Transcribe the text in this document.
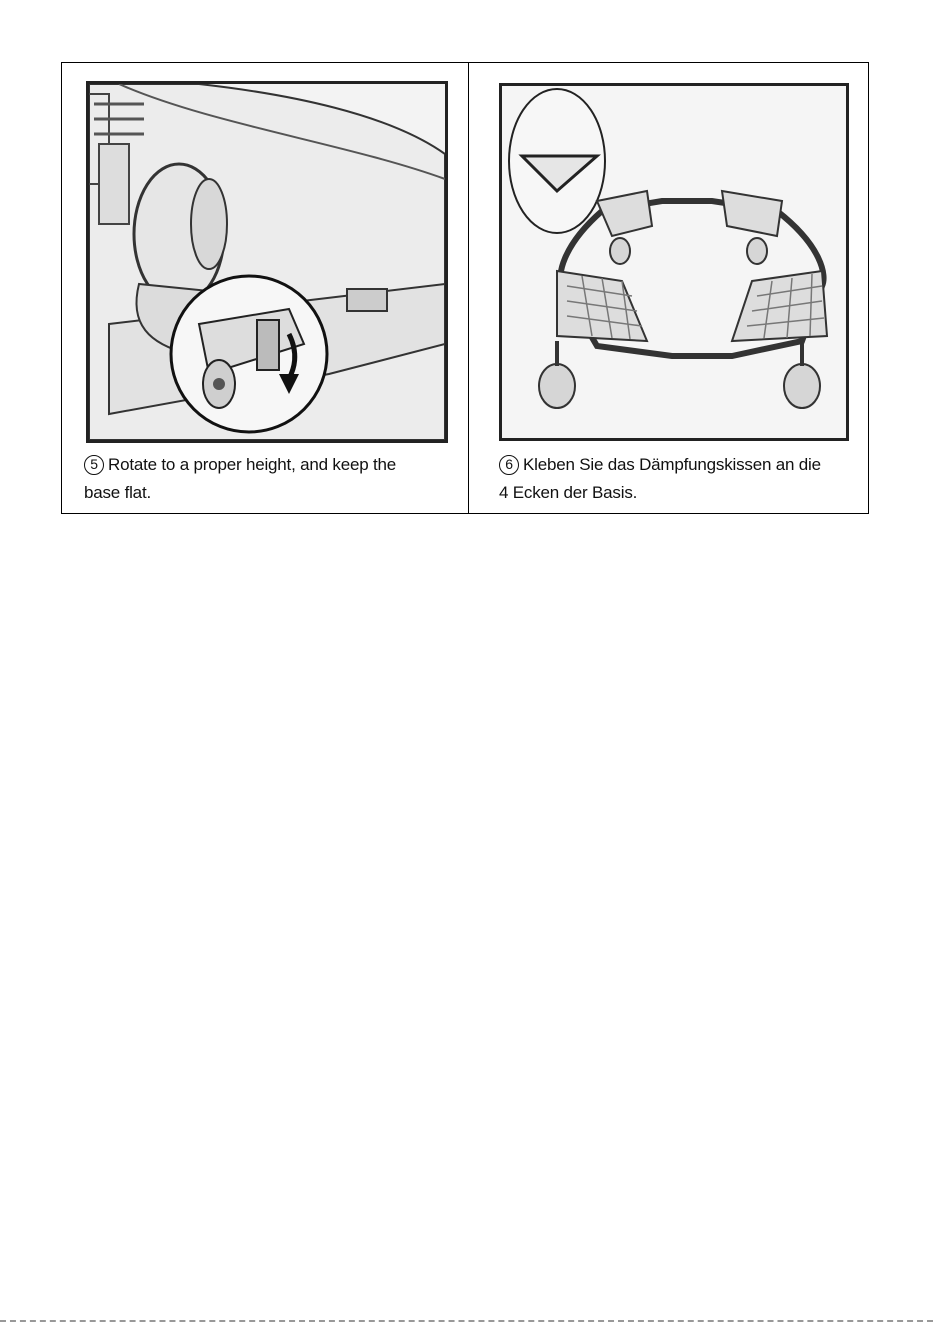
5 Rotate to a proper height, and keep the
base flat.
6 Kleben Sie das Dämpfungskissen an die
4 Ecken der Basis.
